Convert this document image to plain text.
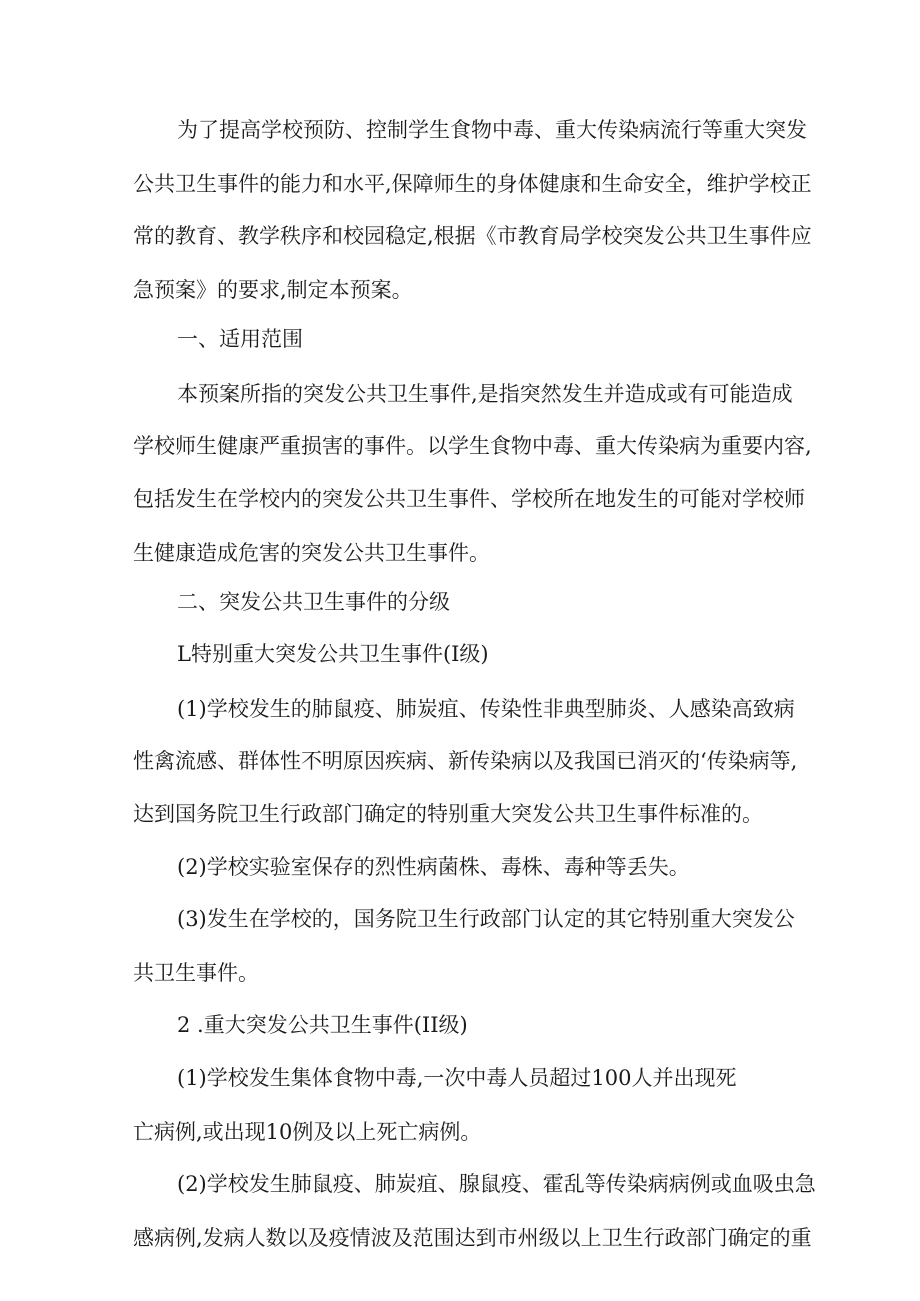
为了提高学校预防、控制学生食物中毒、重大传染病流行等重大突发

公共卫生事件的能力和水平,保障师生的身体健康和生命安全，维护学校正

常的教育、教学秩序和校园稳定,根据《市教育局学校突发公共卫生事件应

急预案》的要求,制定本预案。

一、适用范围

本预案所指的突发公共卫生事件,是指突然发生并造成或有可能造成

学校师生健康严重损害的事件。以学生食物中毒、重大传染病为重要内容,

包括发生在学校内的突发公共卫生事件、学校所在地发生的可能对学校师

生健康造成危害的突发公共卫生事件。

二、突发公共卫生事件的分级

L特别重大突发公共卫生事件(I级)

(1)学校发生的肺鼠疫、肺炭疽、传染性非典型肺炎、人感染高致病

性禽流感、群体性不明原因疾病、新传染病以及我国已消灭的‘传染病等,

达到国务院卫生行政部门确定的特别重大突发公共卫生事件标准的。

(2)学校实验室保存的烈性病菌株、毒株、毒种等丢失。

(3)发生在学校的，国务院卫生行政部门认定的其它特别重大突发公

共卫生事件。

2 .重大突发公共卫生事件(II级)

(1)学校发生集体食物中毒,一次中毒人员超过100人并出现死

亡病例,或出现10例及以上死亡病例。

(2)学校发生肺鼠疫、肺炭疽、腺鼠疫、霍乱等传染病病例或血吸虫急

感病例,发病人数以及疫情波及范围达到市州级以上卫生行政部门确定的重
